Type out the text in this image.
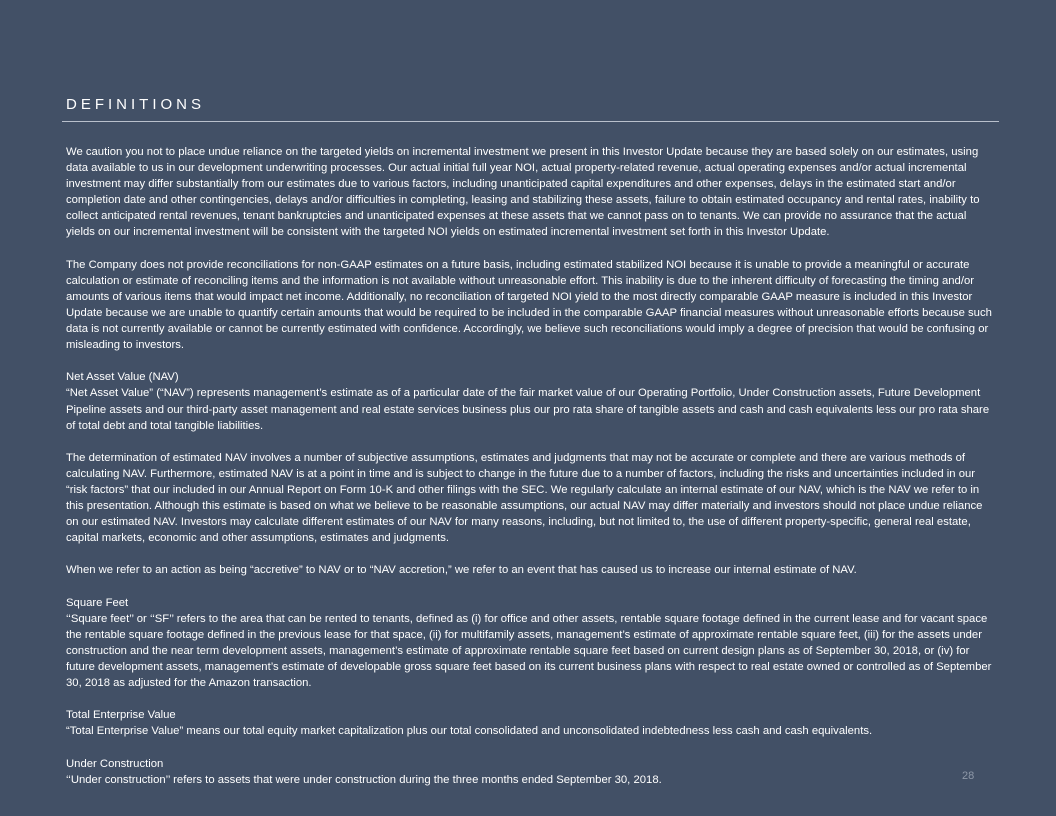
DEFINITIONS

We caution you not to place undue reliance on the targeted yields on incremental investment we present in this Investor Update because they are based solely on our estimates, using data available to us in our development underwriting processes. Our actual initial full year NOI, actual property-related revenue, actual operating expenses and/or actual incremental investment may differ substantially from our estimates due to various factors, including unanticipated capital expenditures and other expenses, delays in the estimated start and/or completion date and other contingencies, delays and/or difficulties in completing, leasing and stabilizing these assets, failure to obtain estimated occupancy and rental rates, inability to collect anticipated rental revenues, tenant bankruptcies and unanticipated expenses at these assets that we cannot pass on to tenants. We can provide no assurance that the actual yields on our incremental investment will be consistent with the targeted NOI yields on estimated incremental investment set forth in this Investor Update.

The Company does not provide reconciliations for non-GAAP estimates on a future basis, including estimated stabilized NOI because it is unable to provide a meaningful or accurate calculation or estimate of reconciling items and the information is not available without unreasonable effort. This inability is due to the inherent difficulty of forecasting the timing and/or amounts of various items that would impact net income. Additionally, no reconciliation of targeted NOI yield to the most directly comparable GAAP measure is included in this Investor Update because we are unable to quantify certain amounts that would be required to be included in the comparable GAAP financial measures without unreasonable efforts because such data is not currently available or cannot be currently estimated with confidence. Accordingly, we believe such reconciliations would imply a degree of precision that would be confusing or misleading to investors.

Net Asset Value (NAV)

“Net Asset Value” (“NAV”) represents management’s estimate as of a particular date of the fair market value of our Operating Portfolio, Under Construction assets, Future Development Pipeline assets and our third-party asset management and real estate services business plus our pro rata share of tangible assets and cash and cash equivalents less our pro rata share of total debt and total tangible liabilities.

The determination of estimated NAV involves a number of subjective assumptions, estimates and judgments that may not be accurate or complete and there are various methods of calculating NAV. Furthermore, estimated NAV is at a point in time and is subject to change in the future due to a number of factors, including the risks and uncertainties included in our “risk factors” that our included in our Annual Report on Form 10-K and other filings with the SEC. We regularly calculate an internal estimate of our NAV, which is the NAV we refer to in this presentation. Although this estimate is based on what we believe to be reasonable assumptions, our actual NAV may differ materially and investors should not place undue reliance on our estimated NAV. Investors may calculate different estimates of our NAV for many reasons, including, but not limited to, the use of different property-specific, general real estate, capital markets, economic and other assumptions, estimates and judgments.

When we refer to an action as being “accretive” to NAV or to “NAV accretion,” we refer to an event that has caused us to increase our internal estimate of NAV.

Square Feet

‘‘Square feet’’ or ‘‘SF’’ refers to the area that can be rented to tenants, defined as (i) for office and other assets, rentable square footage defined in the current lease and for vacant space the rentable square footage defined in the previous lease for that space, (ii) for multifamily assets, management’s estimate of approximate rentable square feet, (iii) for the assets under construction and the near term development assets, management’s estimate of approximate rentable square feet based on current design plans as of September 30, 2018, or (iv) for future development assets, management’s estimate of developable gross square feet based on its current business plans with respect to real estate owned or controlled as of September 30, 2018 as adjusted for the Amazon transaction.

Total Enterprise Value

“Total Enterprise Value” means our total equity market capitalization plus our total consolidated and unconsolidated indebtedness less cash and cash equivalents.

Under Construction

‘‘Under construction’’ refers to assets that were under construction during the three months ended September 30, 2018.	28
